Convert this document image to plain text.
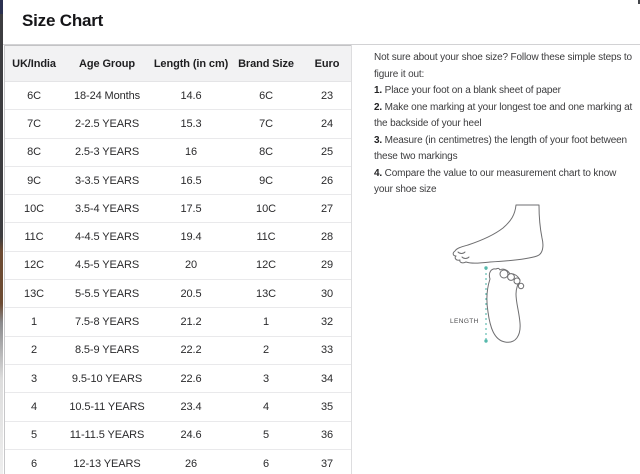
Size Chart
UK/India	Age Group	Length (in cm)	Brand Size	Euro
6C	18-24 Months	14.6	6C	23
7C	2-2.5 YEARS	15.3	7C	24
8C	2.5-3 YEARS	16	8C	25
9C	3-3.5 YEARS	16.5	9C	26
10C	3.5-4 YEARS	17.5	10C	27
11C	4-4.5 YEARS	19.4	11C	28
12C	4.5-5 YEARS	20	12C	29
13C	5-5.5 YEARS	20.5	13C	30
1	7.5-8 YEARS	21.2	1	32
2	8.5-9 YEARS	22.2	2	33
3	9.5-10 YEARS	22.6	3	34
4	10.5-11 YEARS	23.4	4	35
5	11-11.5 YEARS	24.6	5	36
6	12-13 YEARS	26	6	37

Not sure about your shoe size? Follow these simple steps to figure it out:

1. Place your foot on a blank sheet of paper

2. Make one marking at your longest toe and one marking at the backside of your heel

3. Measure (in centimetres) the length of your foot between these two markings

4. Compare the value to our measurement chart to know your shoe size

LENGTH
